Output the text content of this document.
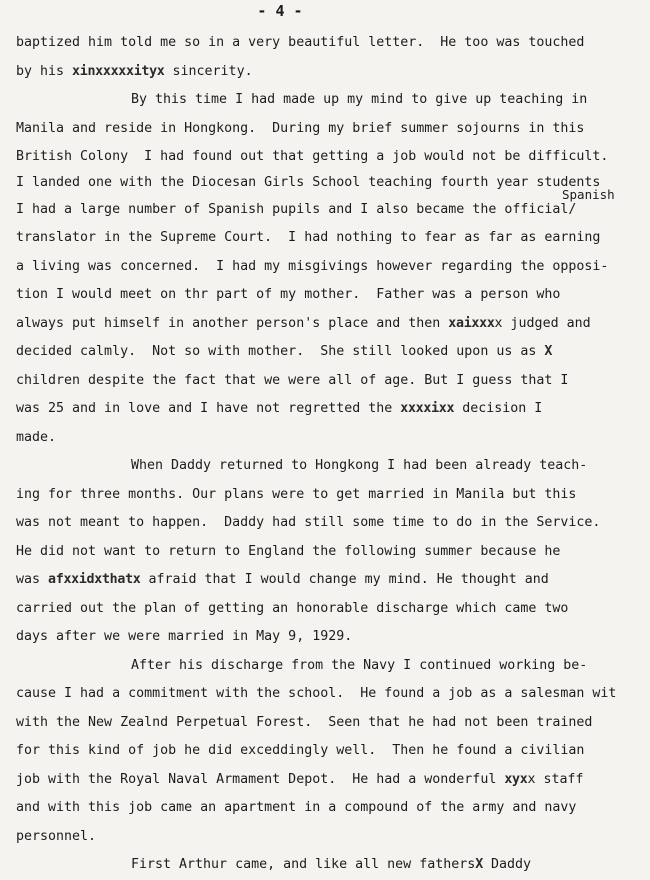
- 4 -
baptized him told me so in a very beautiful letter.  He too was touched
by his xinxxxxxityx sincerity.
By this time I had made up my mind to give up teaching in
Manila and reside in Hongkong.  During my brief summer sojourns in this
British Colony  I had found out that getting a job would not be difficult.
I landed one with the Diocesan Girls School teaching fourth year students
Spanish
I had a large number of Spanish pupils and I also became the official/
translator in the Supreme Court.  I had nothing to fear as far as earning
a living was concerned.  I had my misgivings however regarding the opposi-
tion I would meet on thr part of my mother.  Father was a person who
always put himself in another person's place and then xaixxxx judged and
decided calmly.  Not so with mother.  She still looked upon us as X
children despite the fact that we were all of age. But I guess that I
was 25 and in love and I have not regretted the xxxxixx decision I
made.
When Daddy returned to Hongkong I had been already teach-
ing for three months. Our plans were to get married in Manila but this
was not meant to happen.  Daddy had still some time to do in the Service.
He did not want to return to England the following summer because he
was afxxidxthatx afraid that I would change my mind. He thought and
carried out the plan of getting an honorable discharge which came two
days after we were married in May 9, 1929.
After his discharge from the Navy I continued working be-
cause I had a commitment with the school.  He found a job as a salesman wit
with the New Zealnd Perpetual Forest.  Seen that he had not been trained
for this kind of job he did exceddingly well.  Then he found a civilian
job with the Royal Naval Armament Depot.  He had a wonderful xyxx staff
and with this job came an apartment in a compound of the army and navy
personnel.
First Arthur came, and like all new fathersX Daddy
